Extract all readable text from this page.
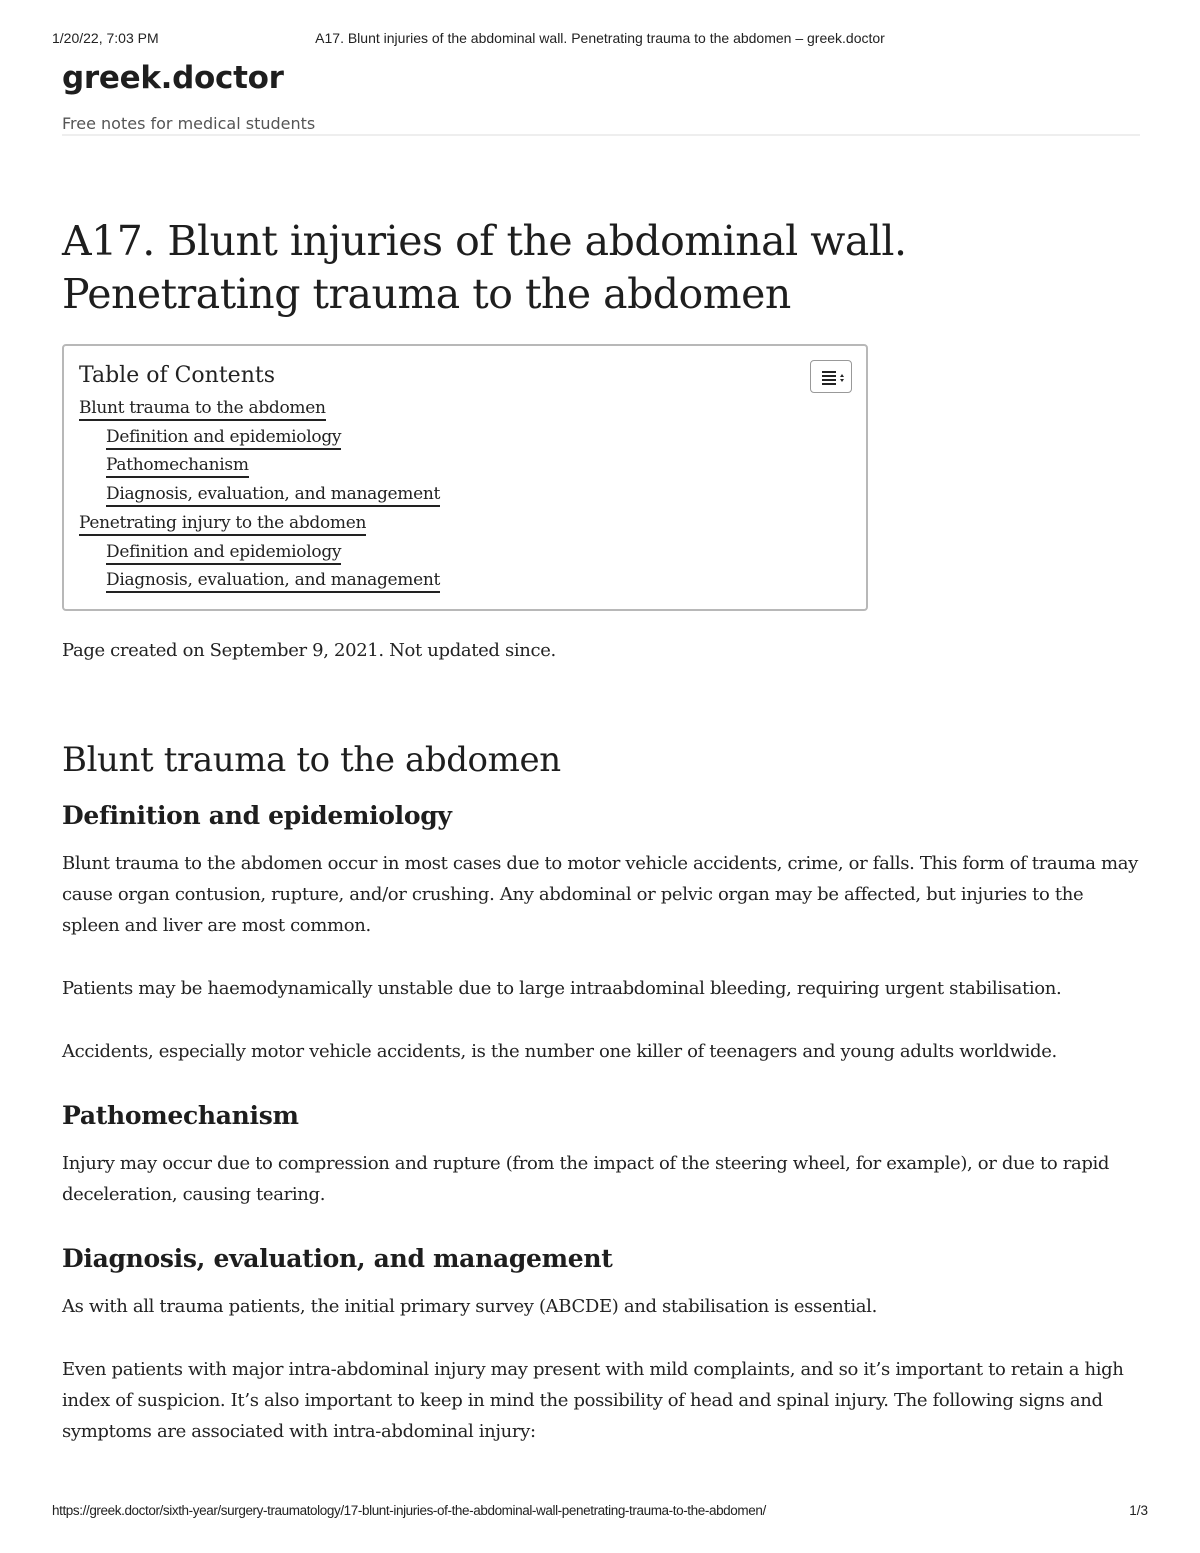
1/20/22, 7:03 PM	A17. Blunt injuries of the abdominal wall. Penetrating trauma to the abdomen – greek.doctor
greek.doctor
Free notes for medical students
A17. Blunt injuries of the abdominal wall.
Penetrating trauma to the abdomen
Table of Contents
Blunt trauma to the abdomen
Definition and epidemiology
Pathomechanism
Diagnosis, evaluation, and management
Penetrating injury to the abdomen
Definition and epidemiology
Diagnosis, evaluation, and management

Page created on September 9, 2021. Not updated since.

Blunt trauma to the abdomen
Definition and epidemiology

Blunt trauma to the abdomen occur in most cases due to motor vehicle accidents, crime, or falls. This form of trauma may cause organ contusion, rupture, and/or crushing. Any abdominal or pelvic organ may be affected, but injuries to the spleen and liver are most common.

Patients may be haemodynamically unstable due to large intraabdominal bleeding, requiring urgent stabilisation.

Accidents, especially motor vehicle accidents, is the number one killer of teenagers and young adults worldwide.

Pathomechanism

Injury may occur due to compression and rupture (from the impact of the steering wheel, for example), or due to rapid deceleration, causing tearing.

Diagnosis, evaluation, and management

As with all trauma patients, the initial primary survey (ABCDE) and stabilisation is essential.

Even patients with major intra-abdominal injury may present with mild complaints, and so it’s important to retain a high index of suspicion. It’s also important to keep in mind the possibility of head and spinal injury. The following signs and symptoms are associated with intra-abdominal injury:

https://greek.doctor/sixth-year/surgery-traumatology/17-blunt-injuries-of-the-abdominal-wall-penetrating-trauma-to-the-abdomen/	1/3
